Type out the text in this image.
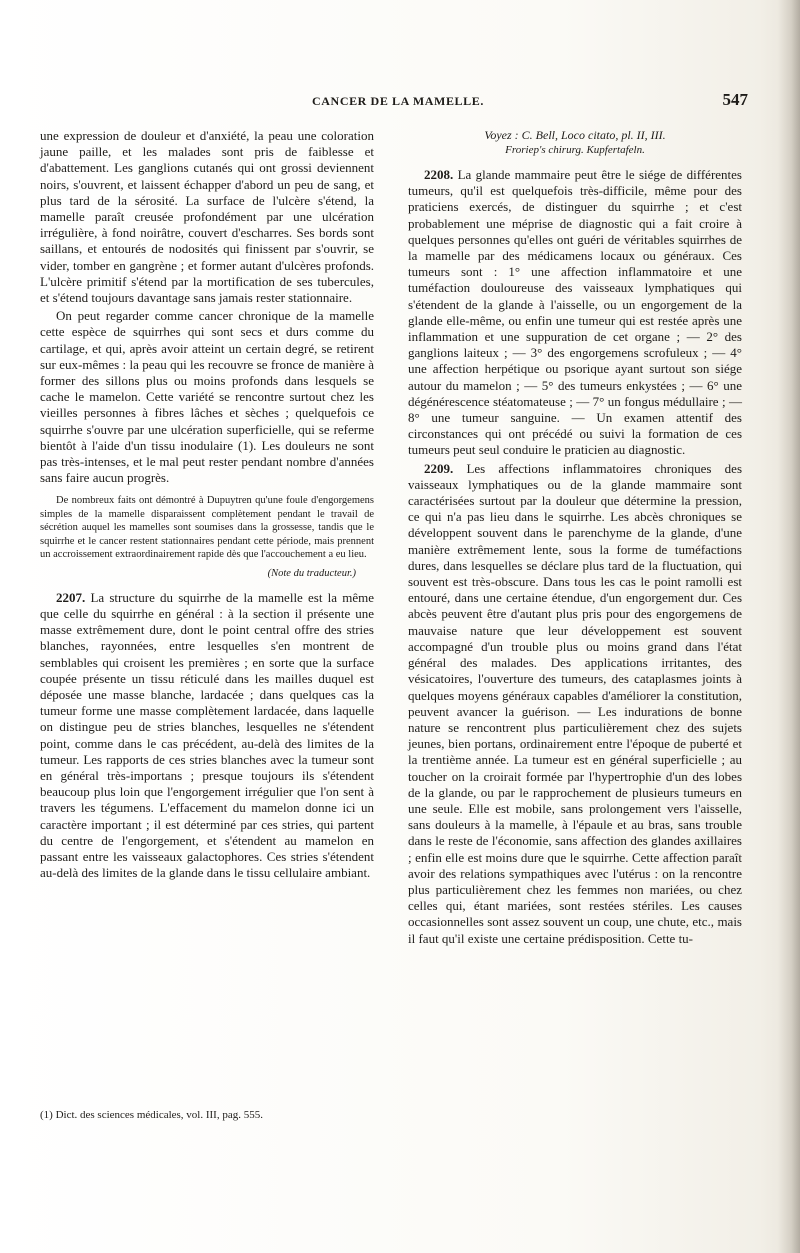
CANCER DE LA MAMELLE.	547

une expression de douleur et d'anxiété, la peau une coloration jaune paille, et les malades sont pris de faiblesse et d'abattement. Les ganglions cutanés qui ont grossi deviennent noirs, s'ouvrent, et laissent échapper d'abord un peu de sang, et plus tard de la sérosité. La surface de l'ulcère s'étend, la mamelle paraît creusée profondément par une ulcération irrégulière, à fond noirâtre, couvert d'escharres. Ses bords sont saillans, et entourés de nodosités qui finissent par s'ouvrir, se vider, tomber en gangrène ; et former autant d'ulcères profonds. L'ulcère primitif s'étend par la mortification de ses tubercules, et s'étend toujours davantage sans jamais rester stationnaire.

On peut regarder comme cancer chronique de la mamelle cette espèce de squirrhes qui sont secs et durs comme du cartilage, et qui, après avoir atteint un certain degré, se retirent sur eux-mêmes : la peau qui les recouvre se fronce de manière à former des sillons plus ou moins profonds dans lesquels se cache le mamelon. Cette variété se rencontre surtout chez les vieilles personnes à fibres lâches et sèches ; quelquefois ce squirrhe s'ouvre par une ulcération superficielle, qui se referme bientôt à l'aide d'un tissu inodulaire (1). Les douleurs ne sont pas très-intenses, et le mal peut rester pendant nombre d'années sans faire aucun progrès.

De nombreux faits ont démontré à Dupuytren qu'une foule d'engorgemens simples de la mamelle disparaissent complètement pendant le travail de sécrétion auquel les mamelles sont soumises dans la grossesse, tandis que le squirrhe et le cancer restent stationnaires pendant cette période, mais prennent un accroissement extraordinairement rapide dès que l'accouchement a eu lieu.

(Note du traducteur.)

2207. La structure du squirrhe de la mamelle est la même que celle du squirrhe en général : à la section il présente une masse extrêmement dure, dont le point central offre des stries blanches, rayonnées, entre lesquelles s'en montrent de semblables qui croisent les premières ; en sorte que la surface coupée présente un tissu réticulé dans les mailles duquel est déposée une masse blanche, lardacée ; dans quelques cas la tumeur forme une masse complètement lardacée, dans laquelle on distingue peu de stries blanches, lesquelles ne s'étendent point, comme dans le cas précédent, au-delà des limites de la tumeur. Les rapports de ces stries blanches avec la tumeur sont en général très-importans ; presque toujours ils s'étendent beaucoup plus loin que l'engorgement irrégulier que l'on sent à travers les tégumens. L'effacement du mamelon donne ici un caractère important ; il est déterminé par ces stries, qui partent du centre de l'engorgement, et s'étendent au mamelon en passant entre les vaisseaux galactophores. Ces stries s'étendent au-delà des limites de la glande dans le tissu cellulaire ambiant.

(1) Dict. des sciences médicales, vol. III, pag. 555.

Voyez : C. Bell, Loco citato, pl. II, III.
Froriep's chirurg. Kupfertafeln.

2208. La glande mammaire peut être le siége de différentes tumeurs, qu'il est quelquefois très-difficile, même pour des praticiens exercés, de distinguer du squirrhe ; et c'est probablement une méprise de diagnostic qui a fait croire à quelques personnes qu'elles ont guéri de véritables squirrhes de la mamelle par des médicamens locaux ou généraux. Ces tumeurs sont : 1° une affection inflammatoire et une tuméfaction douloureuse des vaisseaux lymphatiques qui s'étendent de la glande à l'aisselle, ou un engorgement de la glande elle-même, ou enfin une tumeur qui est restée après une inflammation et une suppuration de cet organe ; — 2° des ganglions laiteux ; — 3° des engorgemens scrofuleux ; — 4° une affection herpétique ou psorique ayant surtout son siége autour du mamelon ; — 5° des tumeurs enkystées ; — 6° une dégénérescence stéatomateuse ; — 7° un fongus médullaire ; — 8° une tumeur sanguine. — Un examen attentif des circonstances qui ont précédé ou suivi la formation de ces tumeurs peut seul conduire le praticien au diagnostic.

2209. Les affections inflammatoires chroniques des vaisseaux lymphatiques ou de la glande mammaire sont caractérisées surtout par la douleur que détermine la pression, ce qui n'a pas lieu dans le squirrhe. Les abcès chroniques se développent souvent dans le parenchyme de la glande, d'une manière extrêmement lente, sous la forme de tuméfactions dures, dans lesquelles se déclare plus tard de la fluctuation, qui souvent est très-obscure. Dans tous les cas le point ramolli est entouré, dans une certaine étendue, d'un engorgement dur. Ces abcès peuvent être d'autant plus pris pour des engorgemens de mauvaise nature que leur développement est souvent accompagné d'un trouble plus ou moins grand dans l'état général des malades. Des applications irritantes, des vésicatoires, l'ouverture des tumeurs, des cataplasmes joints à quelques moyens généraux capables d'améliorer la constitution, peuvent avancer la guérison. — Les indurations de bonne nature se rencontrent plus particulièrement chez des sujets jeunes, bien portans, ordinairement entre l'époque de puberté et la trentième année. La tumeur est en général superficielle ; au toucher on la croirait formée par l'hypertrophie d'un des lobes de la glande, ou par le rapprochement de plusieurs tumeurs en une seule. Elle est mobile, sans prolongement vers l'aisselle, sans douleurs à la mamelle, à l'épaule et au bras, sans trouble dans le reste de l'économie, sans affection des glandes axillaires ; enfin elle est moins dure que le squirrhe. Cette affection paraît avoir des relations sympathiques avec l'utérus : on la rencontre plus particulièrement chez les femmes non mariées, ou chez celles qui, étant mariées, sont restées stériles. Les causes occasionnelles sont assez souvent un coup, une chute, etc., mais il faut qu'il existe une certaine prédisposition. Cette tu-
